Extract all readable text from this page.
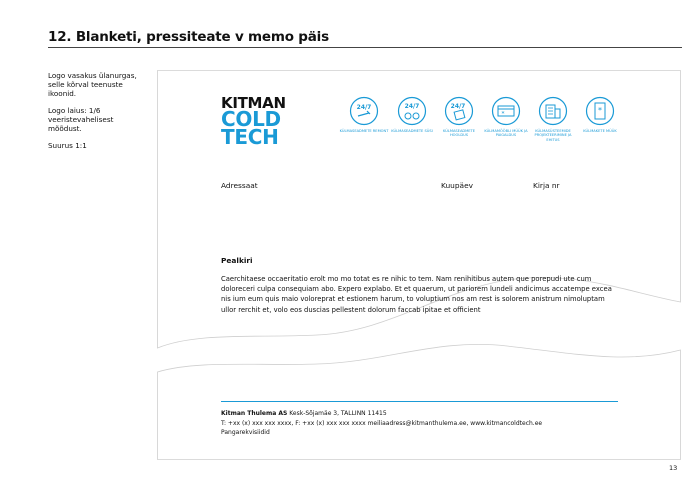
12. Blanketi, pressiteate v memo päis

Logo vasakus ülanurgas, selle kõrval teenuste ikoonid.

Logo laius: 1/6 veeristevahelisest mõõdust.

Suurus 1:1

KITMAN
COLD
TECH
24/7
KÜLMASEADMETE REMONT
24/7
KÜLMASEADMETE SÜSI
24/7
KÜLMASEADMETE HOOLDUS
*
KÜLMAMÖÖBLI MÜÜK JA PAIGALDUS
KÜLMASÜSTEEMIDE PROJEKTEERIMINE JA EHITUS
*
KÜLMAKETE MÜÜK
Adressaat	Kuupäev	Kirja nr
Pealkiri
Caerchitaese occaeritatio erolt mo mo totat es re nihic to tem. Nam renihitibus autem que porepudi ute cum doloreceri culpa consequiam abo. Expero explabo. Et et quaerum, ut pariorem lundeli andicimus accatempe excea nis ium eum quis maio voloreprat et estionem harum, to voluptium nos am rest is solorem anistrum nimoluptam ullor rerchit et, volo eos duscias pellestent dolorum faccab ipitae et officient
Kitman Thulema AS Kesk-Sõjamäe 3, TALLINN 11415
T: +xx (x) xxx xxx xxxx, F: +xx (x) xxx xxx xxxx meiliaadress@kitmanthulema.ee, www.kitmancoldtech.ee
Pangarekvisiidid
13
